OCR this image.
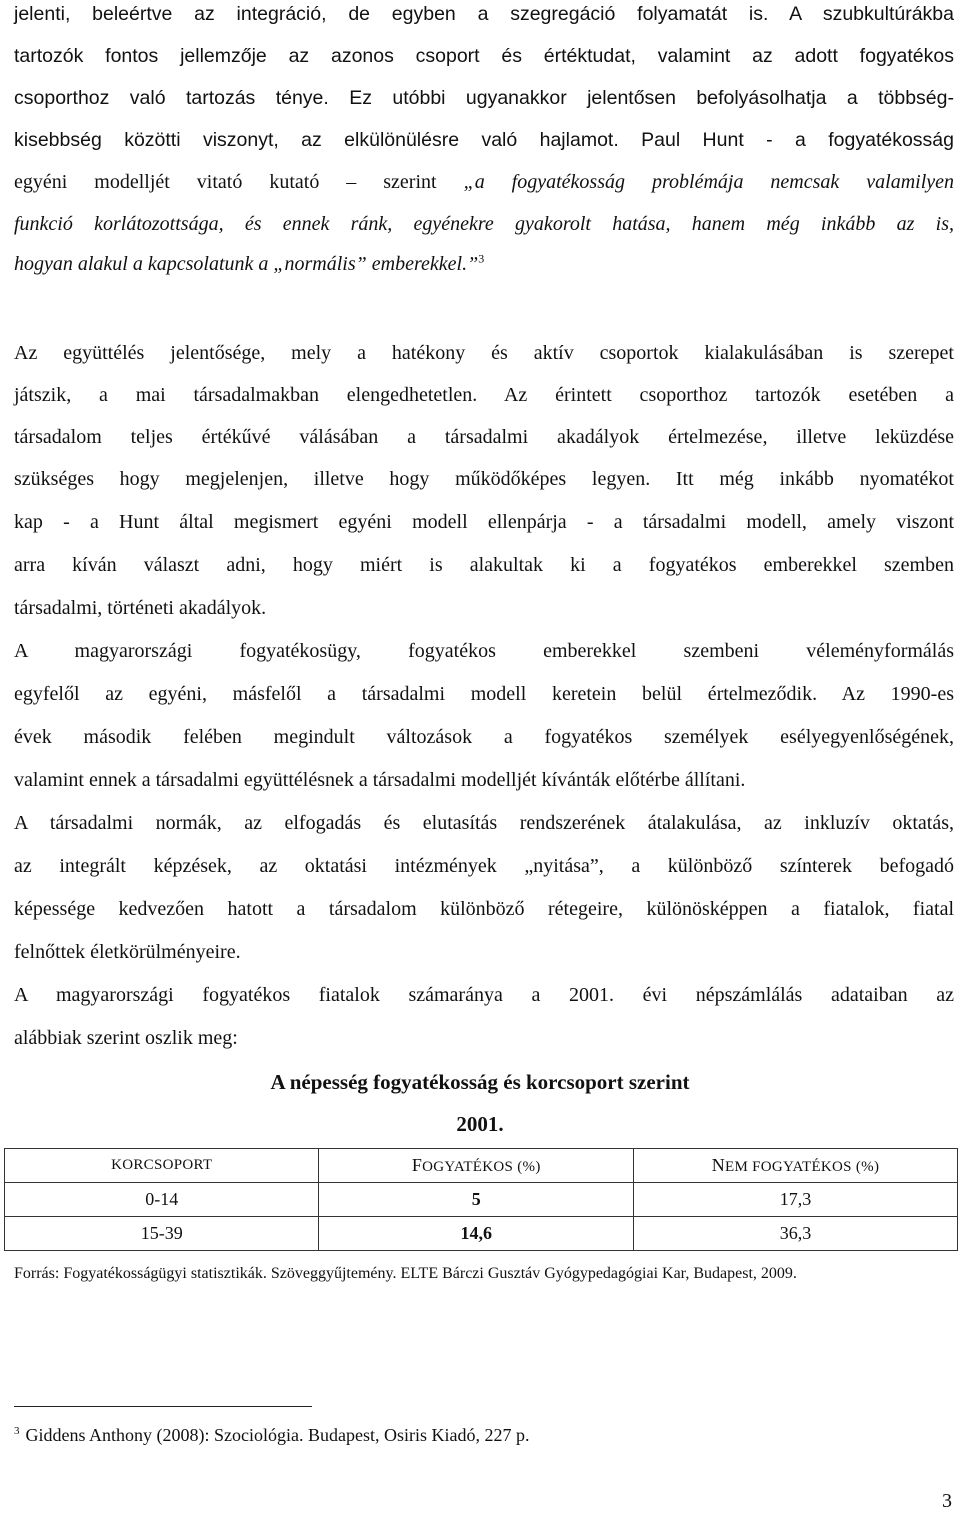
jelenti, beleértve az integráció, de egyben a szegregáció folyamatát is. A szubkultúrákba
tartozók fontos jellemzője az azonos csoport és értéktudat, valamint az adott fogyatékos
csoporthoz való tartozás ténye. Ez utóbbi ugyanakkor jelentősen befolyásolhatja a többség-
kisebbség közötti viszonyt, az elkülönülésre való hajlamot. Paul Hunt - a fogyatékosság
egyéni modelljét vitató kutató – szerint „a fogyatékosság problémája nemcsak valamilyen
funkció korlátozottsága, és ennek ránk, egyénekre gyakorolt hatása, hanem még inkább az is,
hogyan alakul a kapcsolatunk a „normális” emberekkel.”$^3$
Az együttélés jelentősége, mely a hatékony és aktív csoportok kialakulásában is szerepet
játszik, a mai társadalmakban elengedhetetlen. Az érintett csoporthoz tartozók esetében a
társadalom teljes értékűvé válásában a társadalmi akadályok értelmezése, illetve leküzdése
szükséges hogy megjelenjen, illetve hogy működőképes legyen. Itt még inkább nyomatékot
kap - a Hunt által megismert egyéni modell ellenpárja - a társadalmi modell, amely viszont
arra kíván választ adni, hogy miért is alakultak ki a fogyatékos emberekkel szemben
társadalmi, történeti akadályok.
A magyarországi fogyatékosügy, fogyatékos emberekkel szembeni véleményformálás
egyfelől az egyéni, másfelől a társadalmi modell keretein belül értelmeződik. Az 1990-es
évek második felében megindult változások a fogyatékos személyek esélyegyenlőségének,
valamint ennek a társadalmi együttélésnek a társadalmi modelljét kívánták előtérbe állítani.
A társadalmi normák, az elfogadás és elutasítás rendszerének átalakulása, az inkluzív oktatás,
az integrált képzések, az oktatási intézmények „nyitása”, a különböző színterek befogadó
képessége kedvezően hatott a társadalom különböző rétegeire, különösképpen a fiatalok, fiatal
felnőttek életkörülményeire.
A magyarországi fogyatékos fiatalok számaránya a 2001. évi népszámlálás adataiban az
alábbiak szerint oszlik meg:
A népesség fogyatékosság és korcsoport szerint
2001.
KORCSOPORT	FOGYATÉKOS (%)	NEM FOGYATÉKOS (%)
0-14	5	17,3
15-39	14,6	36,3
Forrás: Fogyatékosságügyi statisztikák. Szöveggyűjtemény. ELTE Bárczi Gusztáv Gyógypedagógiai Kar, Budapest, 2009.
$^3$ Giddens Anthony (2008): Szociológia. Budapest, Osiris Kiadó, 227 p.
3
